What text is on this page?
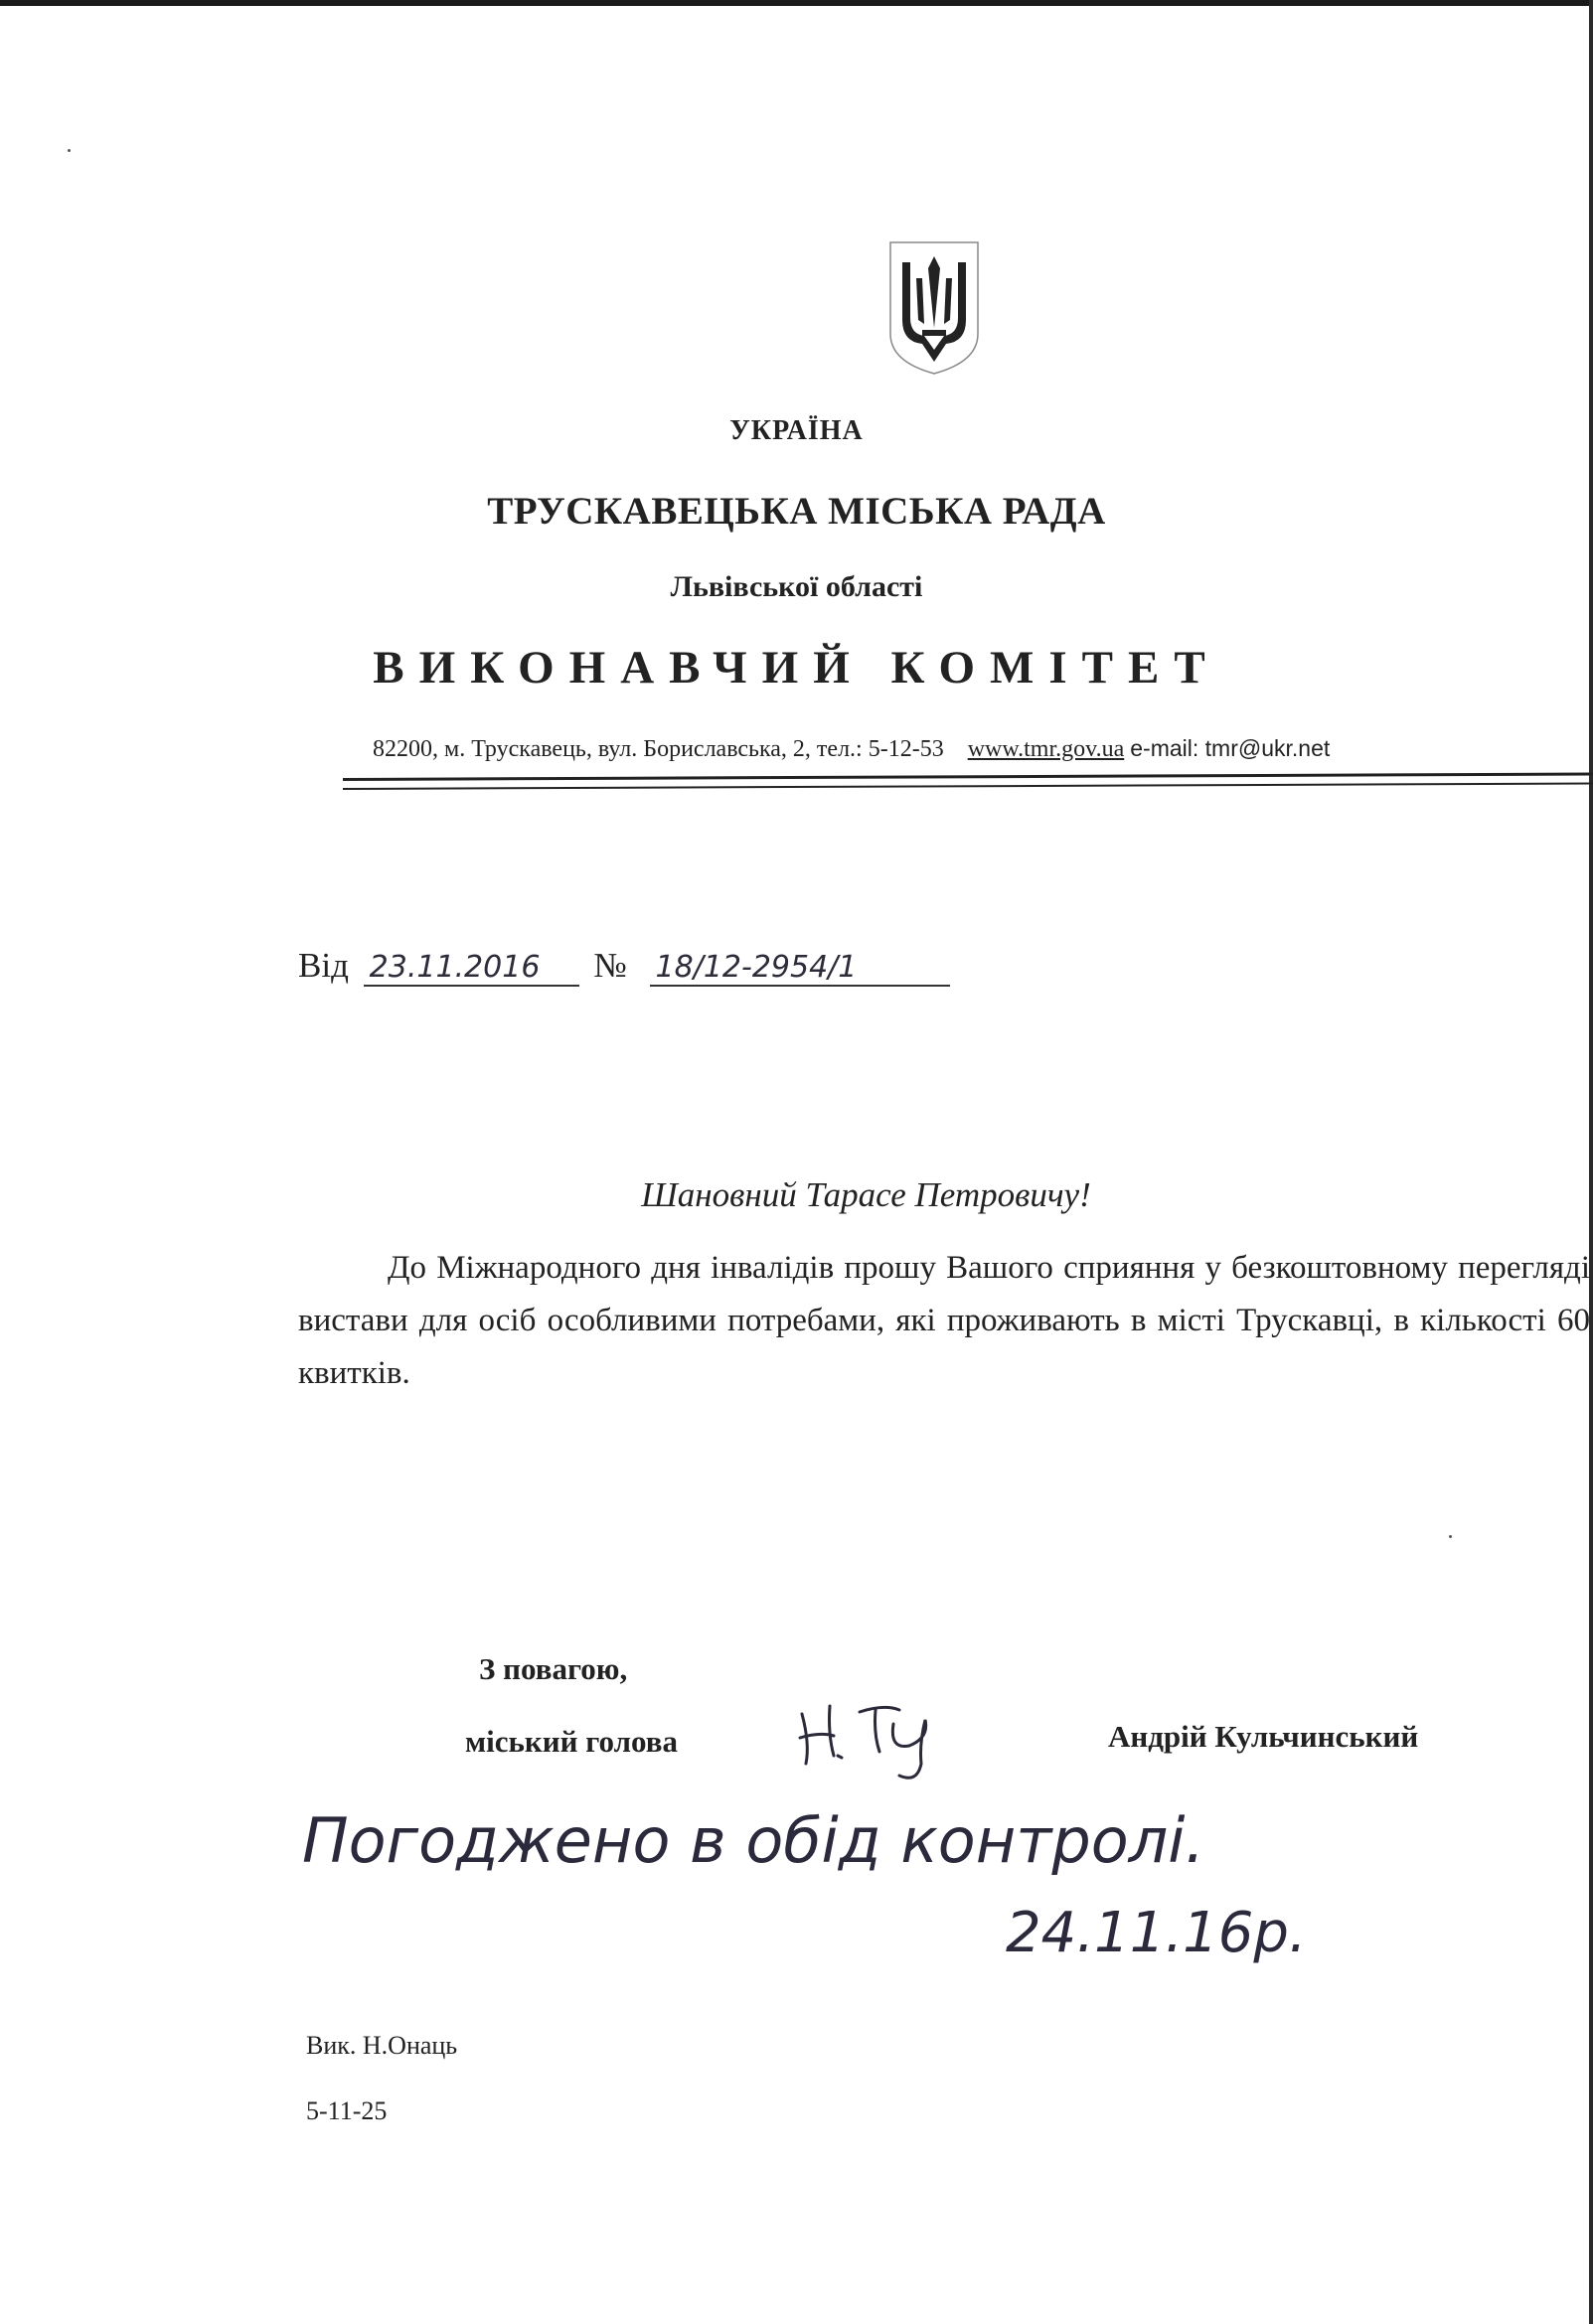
УКРАЇНА
ТРУСКАВЕЦЬКА МІСЬКА РАДА
Львівської області
ВИКОНАВЧИЙ КОМІТЕТ
82200, м. Трускавець, вул. Бориславська, 2, тел.: 5-12-53 www.tmr.gov.ua e-mail: tmr@ukr.net
Від 23.11.2016 № 18/12-2954/1
Шановний Тарасе Петровичу!
До Міжнародного дня інвалідів прошу Вашого сприяння у безкоштовному перегляді вистави для осіб особливими потребами, які проживають в місті Трускавці, в кількості 60 квитків.
З повагою,
міський голова	Андрій Кульчинський
Погоджено в обід контролі.
24.11.16р.
Вик. Н.Онаць
5-11-25
